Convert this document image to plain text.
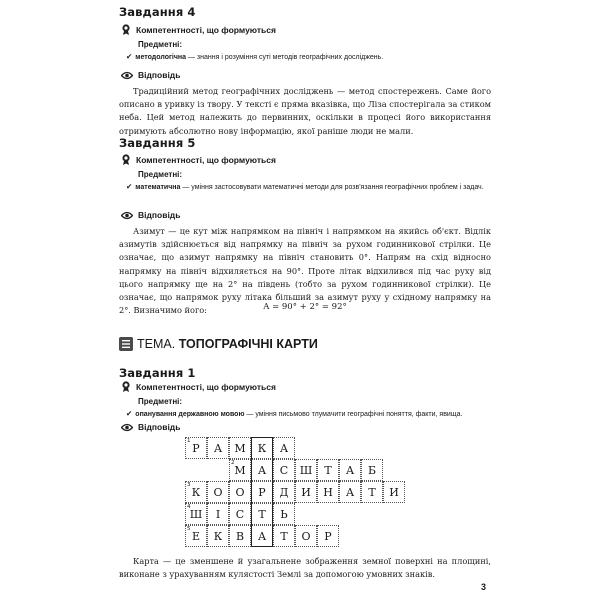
Завдання 4
Компетентності, що формуються
Предметні:
✔ методологічна — знання і розуміння суті методів географічних досліджень.
Відповідь
Традиційний метод географічних досліджень — метод спостережень. Саме його описано в уривку із твору. У тексті є пряма вказівка, що Ліза спостерігала за стиком неба. Цей метод належить до первинних, оскільки в процесі його використання отримують абсолютно нову інформацію, якої раніше люди не мали.
Завдання 5
Компетентності, що формуються
Предметні:
✔ математична — уміння застосовувати математичні методи для розв'язання географічних проблем і задач.
Відповідь
Азимут — це кут між напрямком на північ і напрямком на якийсь об'єкт. Відлік азимутів здійснюється від напрямку на північ за рухом годинникової стрілки. Це означає, що азимут напрямку на північ становить 0°. Напрям на схід відносно напрямку на північ відхиляється на 90°. Проте літак відхилився під час руху від цього напрямку ще на 2° на південь (тобто за рухом годинникової стрілки). Це означає, що напрямок руху літака більший за азимут руху у східному напрямку на 2°. Визначимо його:	A = 90° + 2° = 92°
ТЕМА. ТОПОГРАФІЧНІ КАРТИ
Завдання 1
Компетентності, що формуються
Предметні:
✔ опанування державною мовою — уміння письмово тлумачити географічні поняття, факти, явища.
Відповідь
Р	А	М	К	А
1
М	А	С	Ш	Т	А	Б
2
К	О	О	Р	Д	И	Н	А	Т	И
3
Ш	І	С	Т	Ь
4
Е	К	В	А	Т	О	Р
5
Карта — це зменшене й узагальнене зображення земної поверхні на площині, виконане з урахуванням кулястості Землі за допомогою умовних знаків.
3
